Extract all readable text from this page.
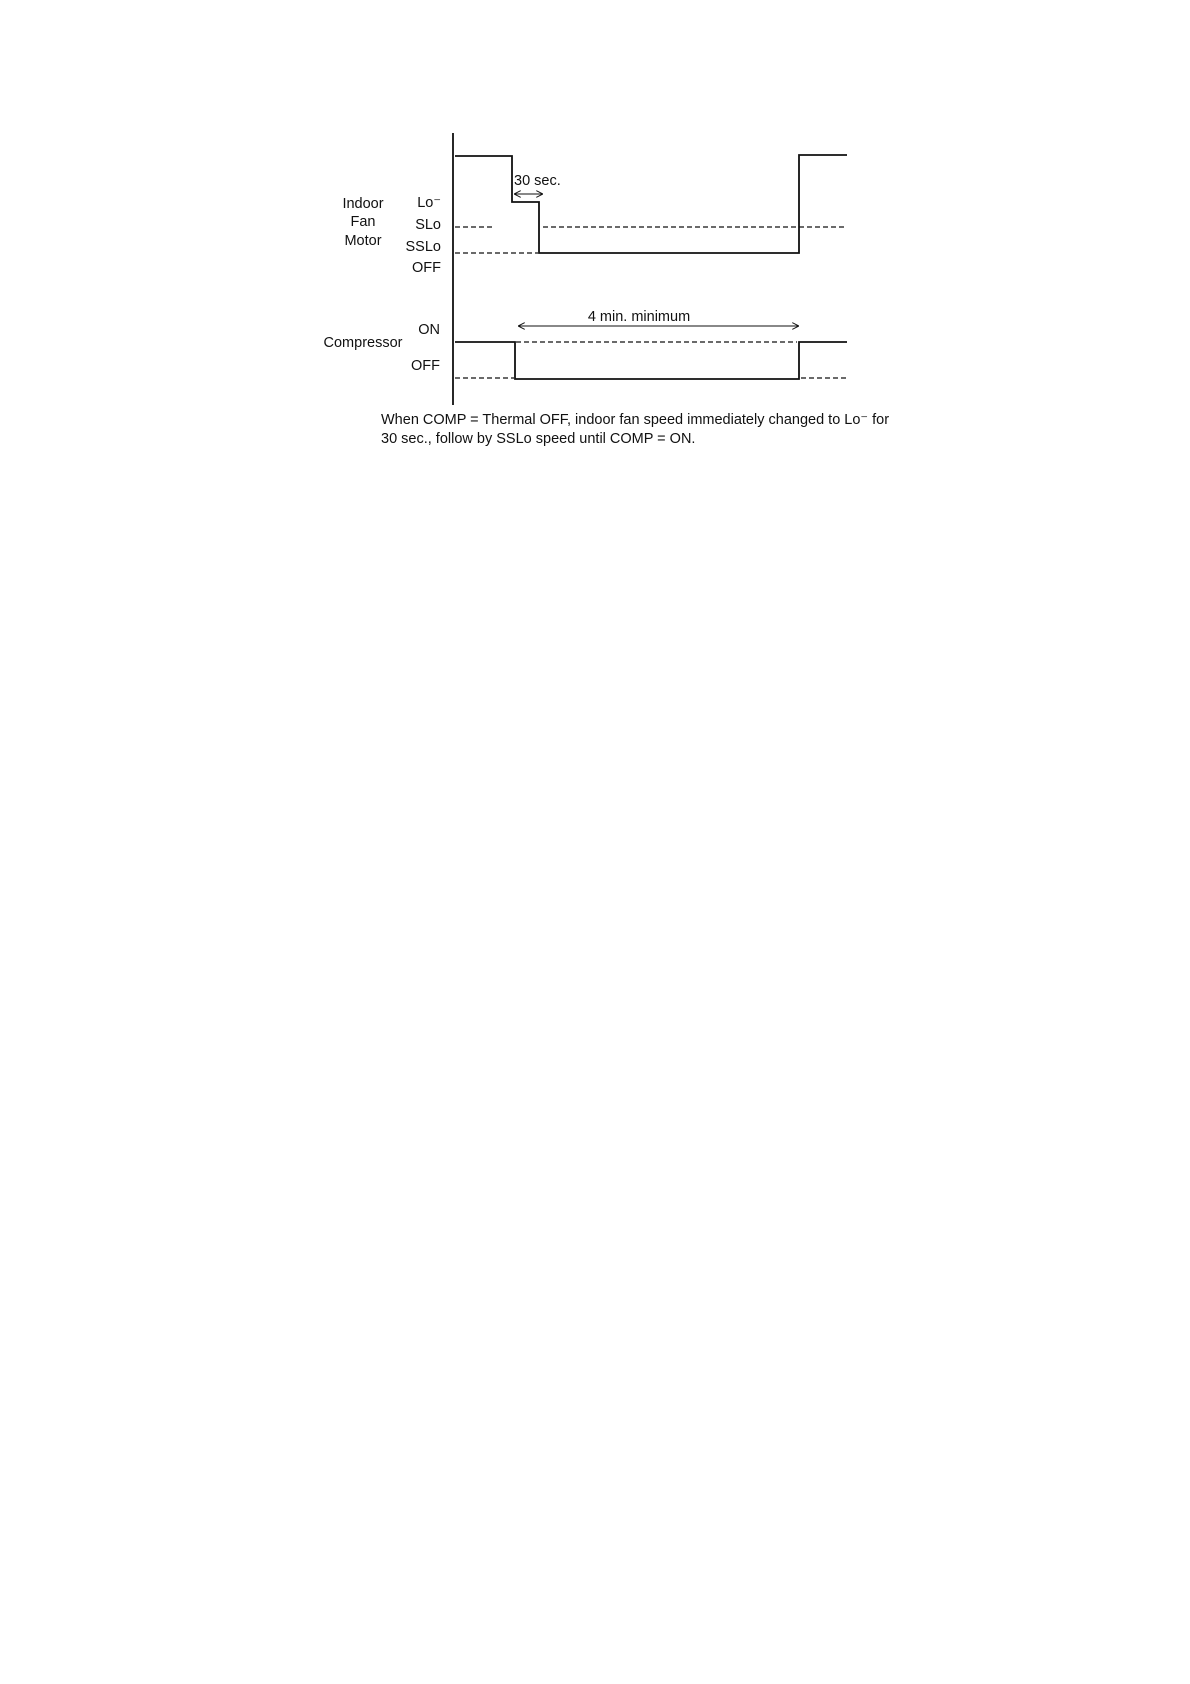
Indoor
Fan
Motor
Lo⁻
SLo
SSLo
OFF
Compressor
ON
OFF
30 sec.
4 min. minimum
When COMP = Thermal OFF, indoor fan speed immediately changed to Lo⁻ for
30 sec., follow by SSLo speed until COMP = ON.
